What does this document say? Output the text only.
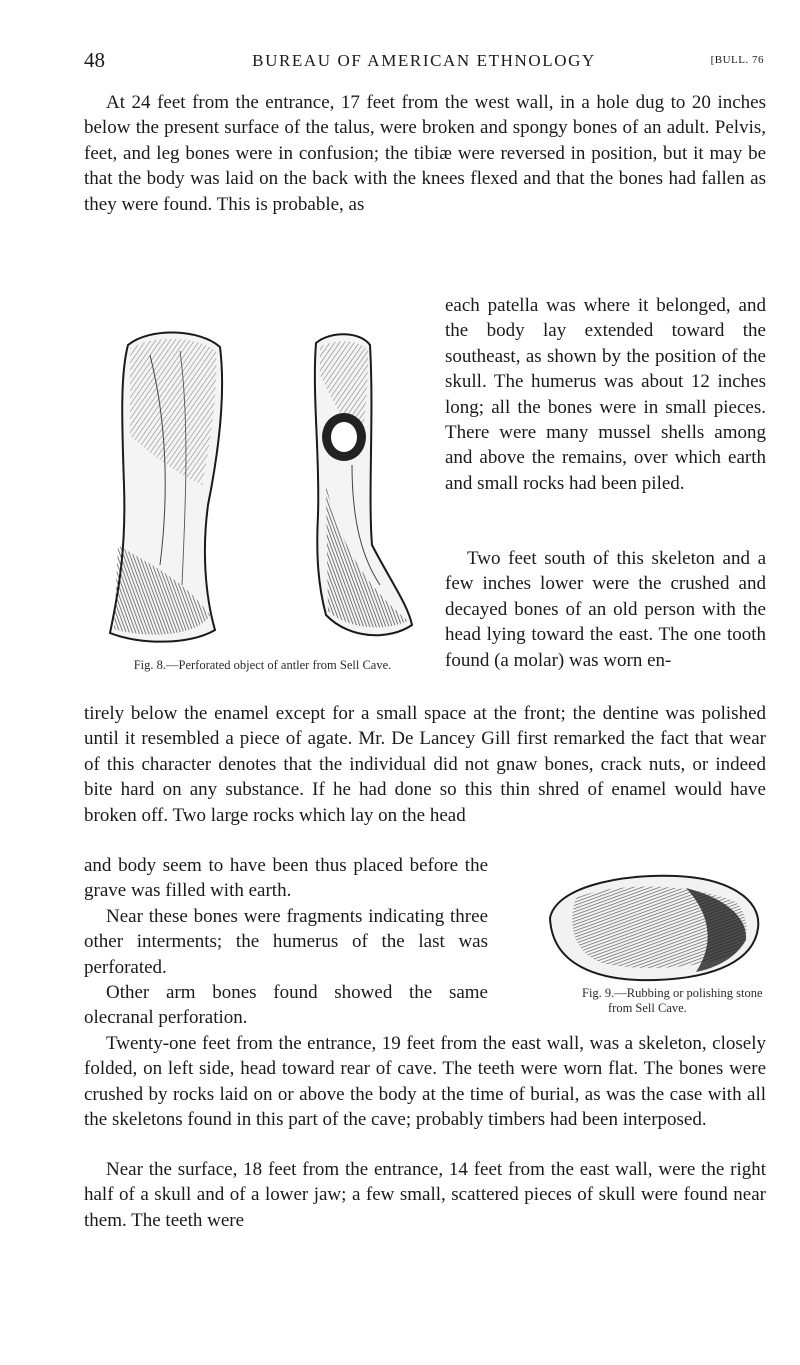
48	BUREAU OF AMERICAN ETHNOLOGY	[BULL. 76

At 24 feet from the entrance, 17 feet from the west wall, in a hole dug to 20 inches below the present surface of the talus, were broken and spongy bones of an adult. Pelvis, feet, and leg bones were in confusion; the tibiæ were reversed in position, but it may be that the body was laid on the back with the knees flexed and that the bones had fallen as they were found. This is probable, as

each patella was where it belonged, and the body lay extended toward the southeast, as shown by the position of the skull. The humerus was about 12 inches long; all the bones were in small pieces. There were many mussel shells among and above the remains, over which earth and small rocks had been piled.

Two feet south of this skeleton and a few inches lower were the crushed and decayed bones of an old person with the head lying toward the east. The one tooth found (a molar) was worn en-

tirely below the enamel except for a small space at the front; the dentine was polished until it resembled a piece of agate. Mr. De Lancey Gill first remarked the fact that wear of this character denotes that the individual did not gnaw bones, crack nuts, or indeed bite hard on any substance. If he had done so this thin shred of enamel would have broken off. Two large rocks which lay on the head

and body seem to have been thus placed before the grave was filled with earth.

Near these bones were fragments indicating three other interments; the humerus of the last was perforated.

Other arm bones found showed the same olecranal perforation.

Twenty-one feet from the entrance, 19 feet from the east wall, was a skeleton, closely folded, on left side, head toward rear of cave. The teeth were worn flat. The bones were crushed by rocks laid on or above the body at the time of burial, as was the case with all the skeletons found in this part of the cave; probably timbers had been interposed.

Near the surface, 18 feet from the entrance, 14 feet from the east wall, were the right half of a skull and of a lower jaw; a few small, scattered pieces of skull were found near them. The teeth were

Fig. 8.—Perforated object of antler from Sell Cave.
Fig. 9.—Rubbing or polishing stone from Sell Cave.
